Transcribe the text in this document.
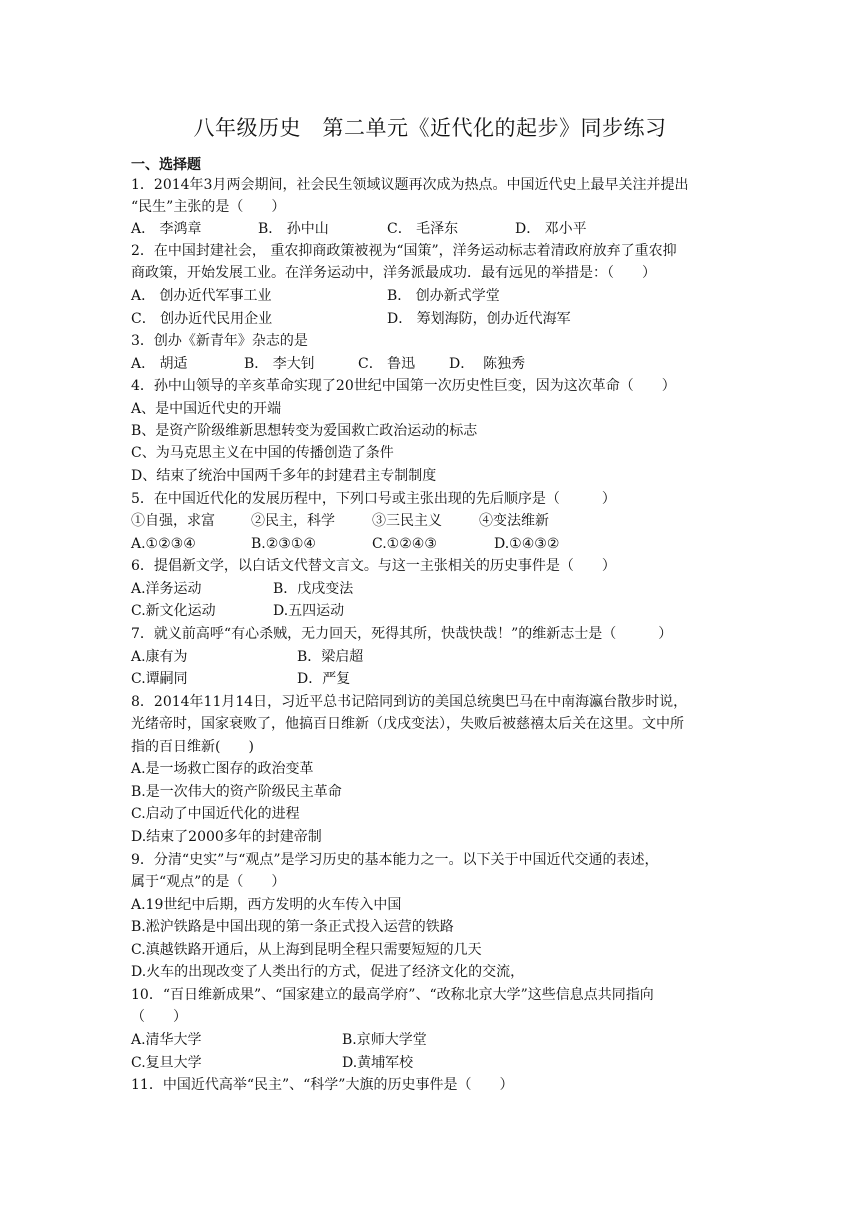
八年级历史　第二单元《近代化的起步》同步练习
一、选择题
1．2014年3月两会期间，社会民生领域议题再次成为热点。中国近代史上最早关注并提出
“民生”主张的是（　　）
A． 李鸿章	B． 孙中山	C． 毛泽东	D． 邓小平
2．在中国封建社会， 重农抑商政策被视为“国策”，洋务运动标志着清政府放弃了重农抑
商政策，开始发展工业。在洋务运动中，洋务派最成功．最有远见的举措是：（　　）
A． 创办近代军事工业	B． 创办新式学堂
C． 创办近代民用企业	D． 筹划海防，创办近代海军
3．创办《新青年》杂志的是
A． 胡适	B． 李大钊	C． 鲁迅 D．  陈独秀
4．孙中山领导的辛亥革命实现了20世纪中国第一次历史性巨变，因为这次革命（　　）
A、是中国近代史的开端
B、是资产阶级维新思想转变为爱国救亡政治运动的标志
C、为马克思主义在中国的传播创造了条件
D、结束了统治中国两千多年的封建君主专制制度
5．在中国近代化的发展历程中，下列口号或主张出现的先后顺序是（　　　）
①自强，求富	②民主，科学	③三民主义	④变法维新
A.①②③④	B.②③①④	C.①②④③	D.①④③②
6．提倡新文学，以白话文代替文言文。与这一主张相关的历史事件是（　　）
A.洋务运动	B．戊戌变法
C.新文化运动	D.五四运动
7．就义前高呼“有心杀贼，无力回天，死得其所，快哉快哉！”的维新志士是（　　　）
A.康有为	B．梁启超
C.谭嗣同	D．严复
8．2014年11月14日，习近平总书记陪同到访的美国总统奥巴马在中南海瀛台散步时说，
光绪帝时，国家衰败了，他搞百日维新（戊戌变法），失败后被慈禧太后关在这里。文中所
指的百日维新(　　)
A.是一场救亡图存的政治变革
B.是一次伟大的资产阶级民主革命
C.启动了中国近代化的进程
D.结束了2000多年的封建帝制
9．分清“史实”与“观点”是学习历史的基本能力之一。以下关于中国近代交通的表述，
属于“观点”的是（　　）
A.19世纪中后期，西方发明的火车传入中国
B.淞沪铁路是中国出现的第一条正式投入运营的铁路
C.滇越铁路开通后，从上海到昆明全程只需要短短的几天
D.火车的出现改变了人类出行的方式，促进了经济文化的交流，
10．“百日维新成果”、“国家建立的最高学府”、“改称北京大学”这些信息点共同指向
（　　）
A.清华大学	B.京师大学堂
C.复旦大学	D.黄埔军校
11．中国近代高举“民主”、“科学”大旗的历史事件是（　　）
